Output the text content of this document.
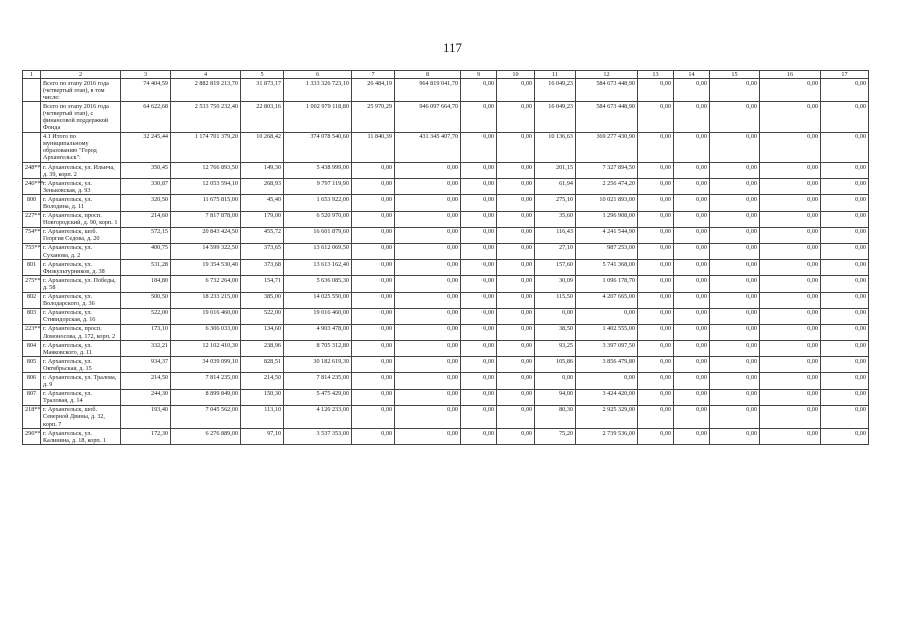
117
1	2	3	4	5	6	7	8	9	10	11	12	13	14	15	16	17
	Всего по этапу 2016 года (четвертый этап), в том числе:	74 404,59	2 882 819 213,70	31 873,17	1 333 326 723,10	26 484,19	964 819 041,70	0,00	0,00	16 049,23	584 673 448,90	0,00	0,00	0,00	0,00	0,00
	Всего по этапу 2016 года (четвертый этап), с финансовой поддержкой Фонда	64 622,68	2 533 750 232,40	22 803,16	1 002 979 118,80	25 970,29	946 097 664,70	0,00	0,00	16 049,23	584 673 448,90	0,00	0,00	0,00	0,00	0,00
	4.1 Итого по муниципальному образованию "Город Архангельск":	32 245,44	1 174 701 379,20	10 268,42	374 078 540,60	11 840,39	431 345 407,70	0,00	0,00	10 136,63	369 277 430,90	0,00	0,00	0,00	0,00	0,00
248**	г. Архангельск, ул. Ильича, д. 39, корп. 2	350,45	12 766 893,50	149,30	5 438 999,00	0,00	0,00	0,00	0,00	201,15	7 327 894,50	0,00	0,00	0,00	0,00	0,00
246***	г. Архангельск, ул. Зеньковская, д. 93	330,87	12 053 594,10	268,93	9 797 119,90	0,00	0,00	0,00	0,00	61,94	2 256 474,20	0,00	0,00	0,00	0,00	0,00
800	г. Архангельск, ул. Володина, д. 11	320,50	11 675 815,00	45,40	1 653 922,00	0,00	0,00	0,00	0,00	275,10	10 021 893,00	0,00	0,00	0,00	0,00	0,00
227**	г. Архангельск, просп. Новгородский, д. 90, корп. 1	214,60	7 817 878,00	179,00	6 520 970,00	0,00	0,00	0,00	0,00	35,60	1 296 908,00	0,00	0,00	0,00	0,00	0,00
754**	г. Архангельск, шоб. Георгия Седова, д. 20	572,15	20 843 424,50	455,72	16 601 879,60	0,00	0,00	0,00	0,00	116,43	4 241 544,90	0,00	0,00	0,00	0,00	0,00
755**	г. Архангельск, ул. Суханова, д. 2	400,75	14 599 322,50	373,65	13 612 069,50	0,00	0,00	0,00	0,00	27,10	987 253,00	0,00	0,00	0,00	0,00	0,00
801	г. Архангельск, ул. Физкультурников, д. 38	531,28	19 354 530,40	373,68	13 613 162,40	0,00	0,00	0,00	0,00	157,60	5 741 368,00	0,00	0,00	0,00	0,00	0,00
275**	г. Архангельск, ул. Победы, д. 58	184,80	6 732 264,00	154,71	5 636 085,30	0,00	0,00	0,00	0,00	30,09	1 096 178,70	0,00	0,00	0,00	0,00	0,00
802	г. Архангельск, ул. Володарского, д. 36	500,50	18 233 215,00	385,00	14 025 550,00	0,00	0,00	0,00	0,00	115,50	4 207 665,00	0,00	0,00	0,00	0,00	0,00
803	г. Архангельск, ул. Стивидорская, д. 16	522,00	19 016 460,00	522,00	19 016 460,00	0,00	0,00	0,00	0,00	0,00	0,00	0,00	0,00	0,00	0,00	0,00
223**	г. Архангельск, просп. Ломоносова, д. 172, корп. 2	173,10	6 306 033,00	134,60	4 903 478,00	0,00	0,00	0,00	0,00	38,50	1 402 555,00	0,00	0,00	0,00	0,00	0,00
804	г. Архангельск, ул. Маяковского, д. 11	332,21	12 102 410,30	238,96	8 705 312,80	0,00	0,00	0,00	0,00	93,25	3 397 097,50	0,00	0,00	0,00	0,00	0,00
805	г. Архангельск, ул. Октябрьская, д. 15	934,37	34 039 099,10	828,51	30 182 619,30	0,00	0,00	0,00	0,00	105,86	3 856 479,80	0,00	0,00	0,00	0,00	0,00
806	г. Архангельск, ул. Тралова, д. 9	214,50	7 814 235,00	214,50	7 814 235,00	0,00	0,00	0,00	0,00	0,00	0,00	0,00	0,00	0,00	0,00	0,00
807	г. Архангельск, ул. Траловая, д. 14	244,30	8 899 849,00	150,30	5 475 429,00	0,00	0,00	0,00	0,00	94,00	3 424 420,00	0,00	0,00	0,00	0,00	0,00
218**	г. Архангельск, шоб. Северной Двины, д. 32, корп. 7	193,40	7 045 562,00	113,10	4 120 233,00	0,00	0,00	0,00	0,00	80,30	2 925 329,00	0,00	0,00	0,00	0,00	0,00
296**	г. Архангельск, ул. Калинина, д. 18, корп. 1	172,30	6 276 889,00	97,10	3 537 353,00	0,00	0,00	0,00	0,00	75,20	2 739 536,00	0,00	0,00	0,00	0,00	0,00
